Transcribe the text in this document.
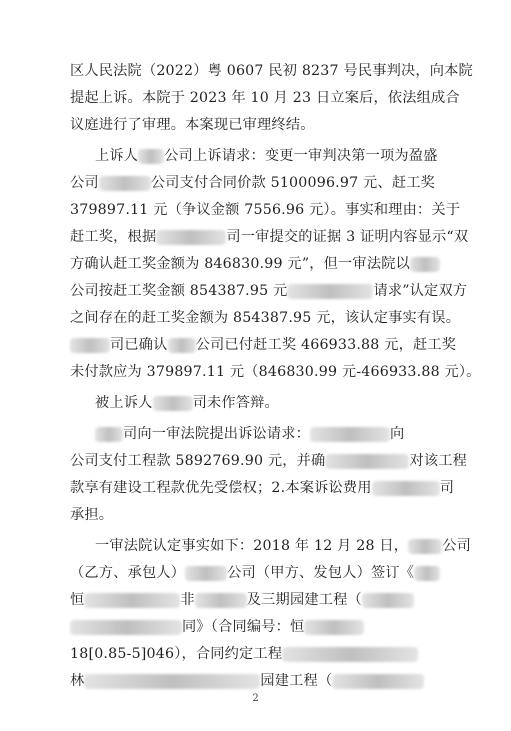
区人民法院（2022）粤 0607 民初 8237 号民事判决，向本院
提起上诉。本院于 2023 年 10 月 23 日立案后，依法组成合
议庭进行了审理。本案现已审理终结。
上诉人 公司上诉请求：变更一审判决第一项为盈盛
公司	公司支付合同价款 5100096.97 元、赶工奖
379897.11 元（争议金额 7556.96 元）。事实和理由：关于
赶工奖，根据	司一审提交的证据 3 证明内容显示“双
方确认赶工奖金额为 846830.99 元”，但一审法院以
公司按赶工奖金额 854387.95 元	请求”认定双方
之间存在的赶工奖金额为 854387.95 元，该认定事实有误。
司已确认 公司已付赶工奖 466933.88 元，赶工奖
未付款应为 379897.11 元（846830.99 元-466933.88 元）。
被上诉人	司未作答辩。
司向一审法院提出诉讼请求：	向
公司支付工程款 5892769.90 元，并确	对该工程
款享有建设工程款优先受偿权；2.本案诉讼费用	司
承担。
一审法院认定事实如下：2018 年 12 月 28 日， 公司
（乙方、承包人）	公司（甲方、发包人）签订《
恒	非	及三期园建工程（
同》（合同编号：恒
18[0.85-5]046），合同约定工程
林	园建工程（
2
